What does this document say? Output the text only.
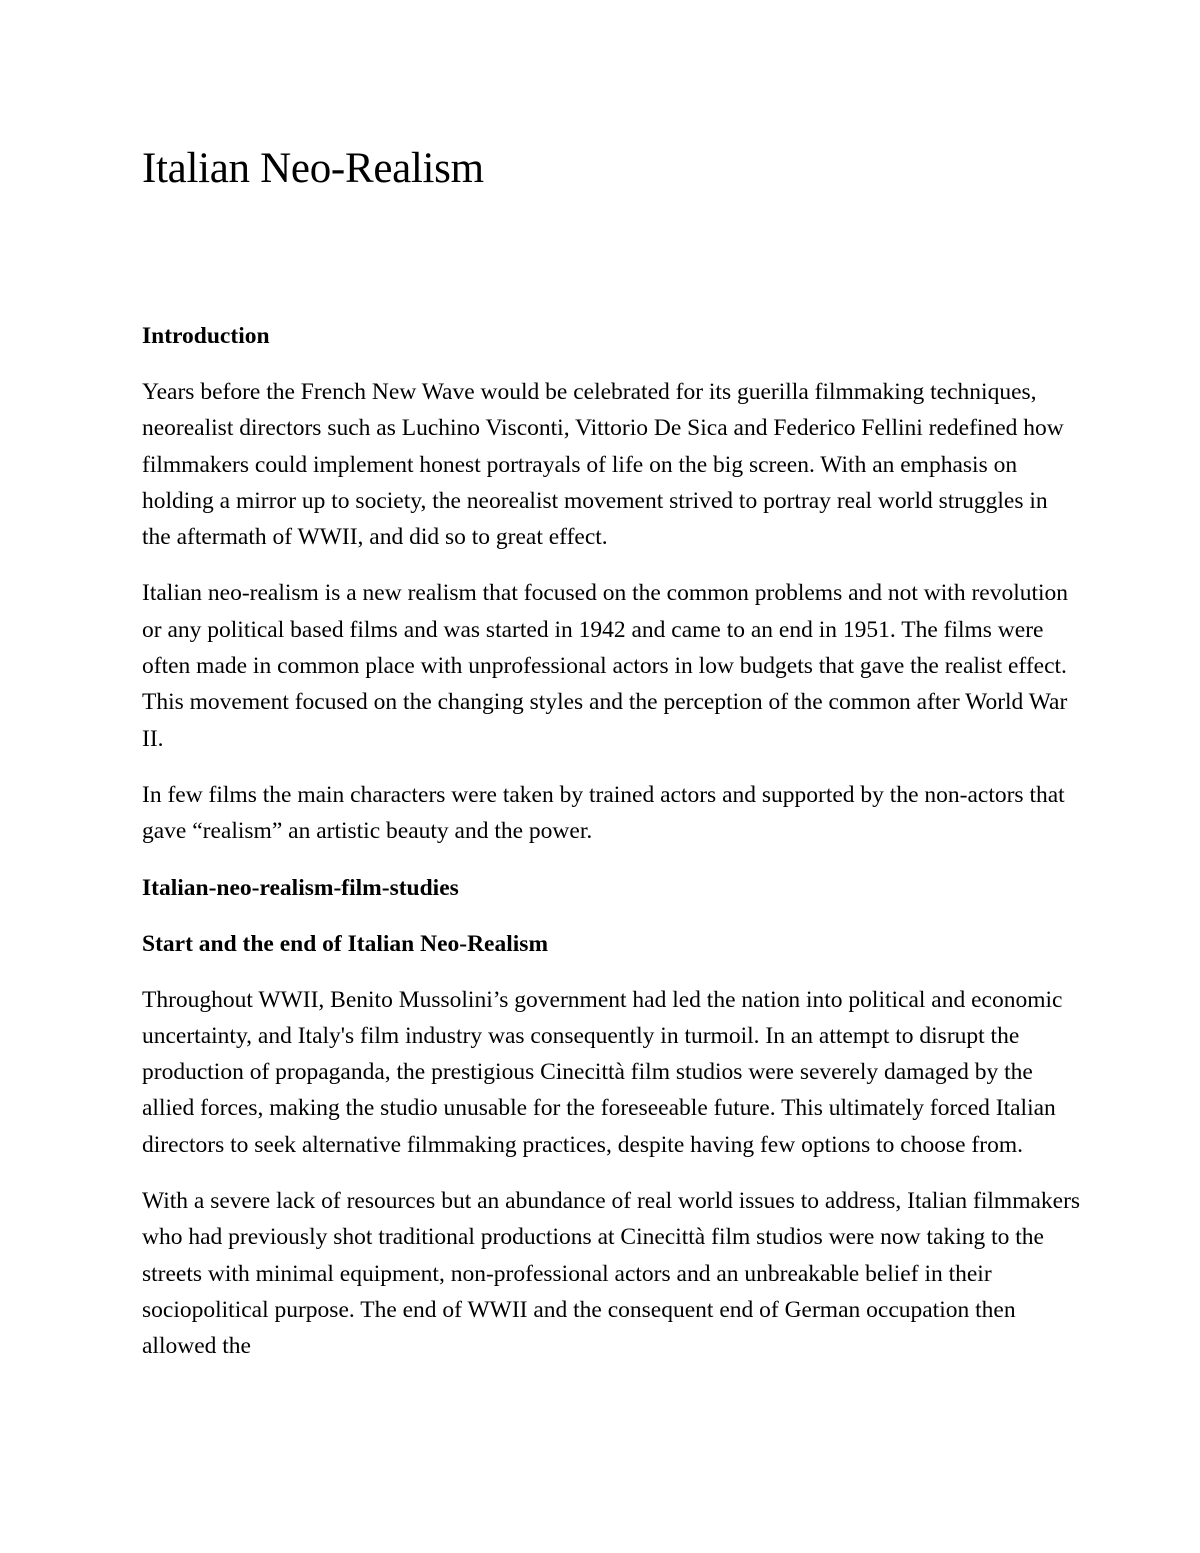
Italian Neo-Realism
Introduction

Years before the French New Wave would be celebrated for its guerilla filmmaking techniques, neorealist directors such as Luchino Visconti, Vittorio De Sica and Federico Fellini redefined how filmmakers could implement honest portrayals of life on the big screen. With an emphasis on holding a mirror up to society, the neorealist movement strived to portray real world struggles in the aftermath of WWII, and did so to great effect.

Italian neo-realism is a new realism that focused on the common problems and not with revolution or any political based films and was started in 1942 and came to an end in 1951. The films were often made in common place with unprofessional actors in low budgets that gave the realist effect. This movement focused on the changing styles and the perception of the common after World War II.

In few films the main characters were taken by trained actors and supported by the non-actors that gave “realism” an artistic beauty and the power.

Italian-neo-realism-film-studies
Start and the end of Italian Neo-Realism

Throughout WWII, Benito Mussolini’s government had led the nation into political and economic uncertainty, and Italy's film industry was consequently in turmoil. In an attempt to disrupt the production of propaganda, the prestigious Cinecittà film studios were severely damaged by the allied forces, making the studio unusable for the foreseeable future. This ultimately forced Italian directors to seek alternative filmmaking practices, despite having few options to choose from.

With a severe lack of resources but an abundance of real world issues to address, Italian filmmakers who had previously shot traditional productions at Cinecittà film studios were now taking to the streets with minimal equipment, non-professional actors and an unbreakable belief in their sociopolitical purpose. The end of WWII and the consequent end of German occupation then allowed the
